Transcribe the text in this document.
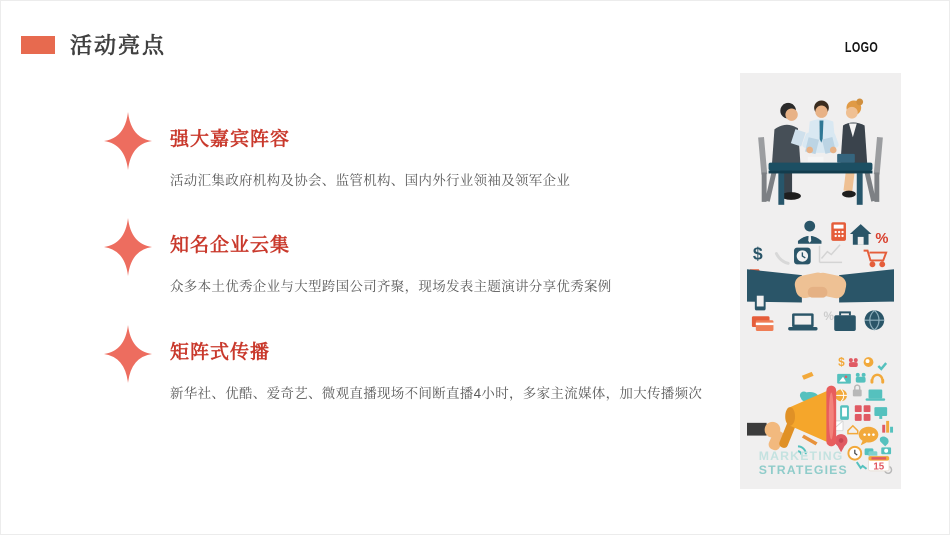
活动亮点	LOGO
强大嘉宾阵容

活动汇集政府机构及协会、监管机构、国内外行业领袖及领军企业

知名企业云集

众多本土优秀企业与大型跨国公司齐聚，现场发表主题演讲分享优秀案例

矩阵式传播

新华社、优酷、爱奇艺、微观直播现场不间断直播4小时，多家主流媒体，加大传播频次

%
$
%
$
MARKETING
STRATEGIES	15
